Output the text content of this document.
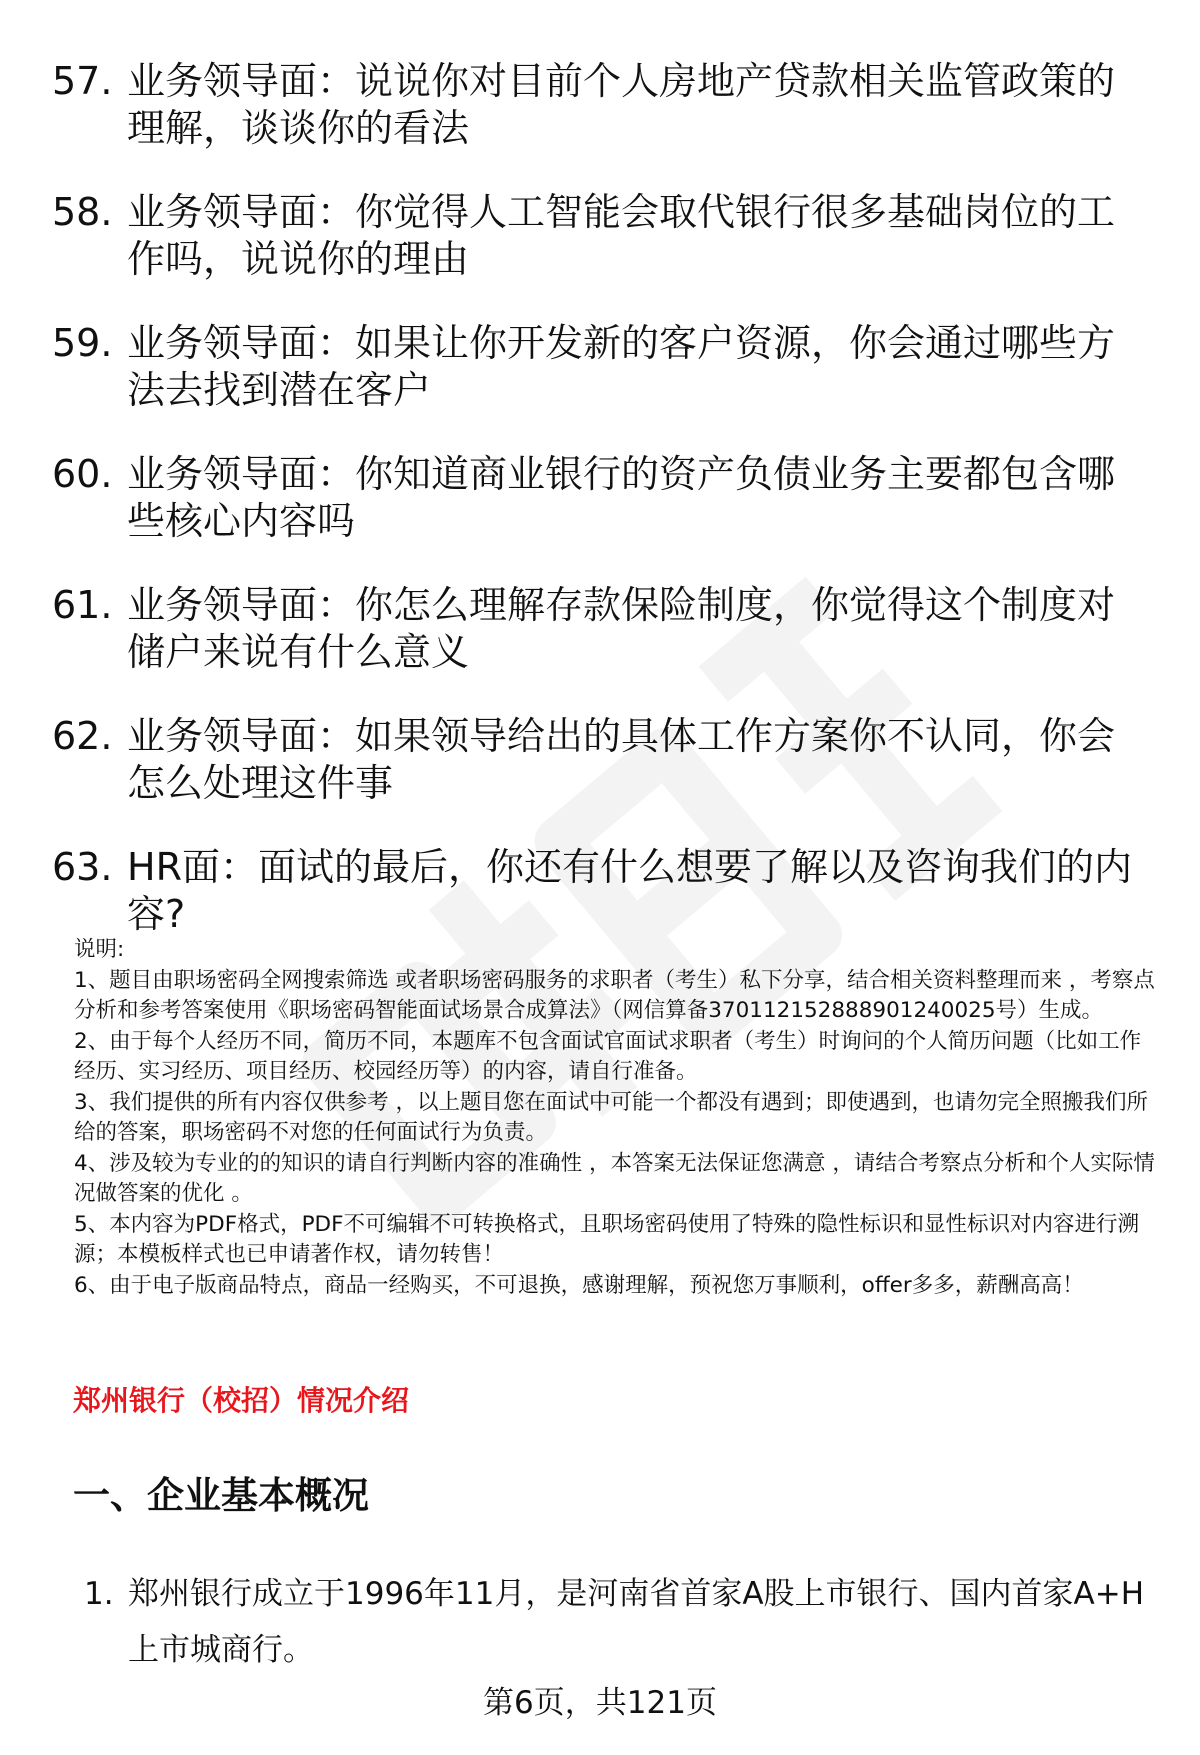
57. 业务领导面：说说你对目前个人房地产贷款相关监管政策的理解，谈谈你的看法
58. 业务领导面：你觉得人工智能会取代银行很多基础岗位的工作吗，说说你的理由
59. 业务领导面：如果让你开发新的客户资源，你会通过哪些方法去找到潜在客户
60. 业务领导面：你知道商业银行的资产负债业务主要都包含哪些核心内容吗
61. 业务领导面：你怎么理解存款保险制度，你觉得这个制度对储户来说有什么意义
62. 业务领导面：如果领导给出的具体工作方案你不认同，你会怎么处理这件事
63. HR面：面试的最后，你还有什么想要了解以及咨询我们的内容?

说明:

1、题目由职场密码全网搜索筛选 或者职场密码服务的求职者（考生）私下分享，结合相关资料整理而来 ，考察点分析和参考答案使用《职场密码智能面试场景合成算法》（网信算备370112152888901240025号）生成。

2、由于每个人经历不同，简历不同，本题库不包含面试官面试求职者（考生）时询问的个人简历问题（比如工作经历、实习经历、项目经历、校园经历等）的内容，请自行准备。

3、我们提供的所有内容仅供参考 ，以上题目您在面试中可能一个都没有遇到；即使遇到，也请勿完全照搬我们所给的答案，职场密码不对您的任何面试行为负责。

4、涉及较为专业的的知识的请自行判断内容的准确性 ，本答案无法保证您满意 ，请结合考察点分析和个人实际情况做答案的优化 。

5、本内容为PDF格式，PDF不可编辑不可转换格式，且职场密码使用了特殊的隐性标识和显性标识对内容进行溯源；本模板样式也已申请著作权，请勿转售！

6、由于电子版商品特点，商品一经购买，不可退换，感谢理解，预祝您万事顺利，offer多多，薪酬高高！

郑州银行（校招）情况介绍
一、企业基本概况
1. 郑州银行成立于1996年11月，是河南省首家A股上市银行、国内首家A+H上市城商行。
第6页，共121页
